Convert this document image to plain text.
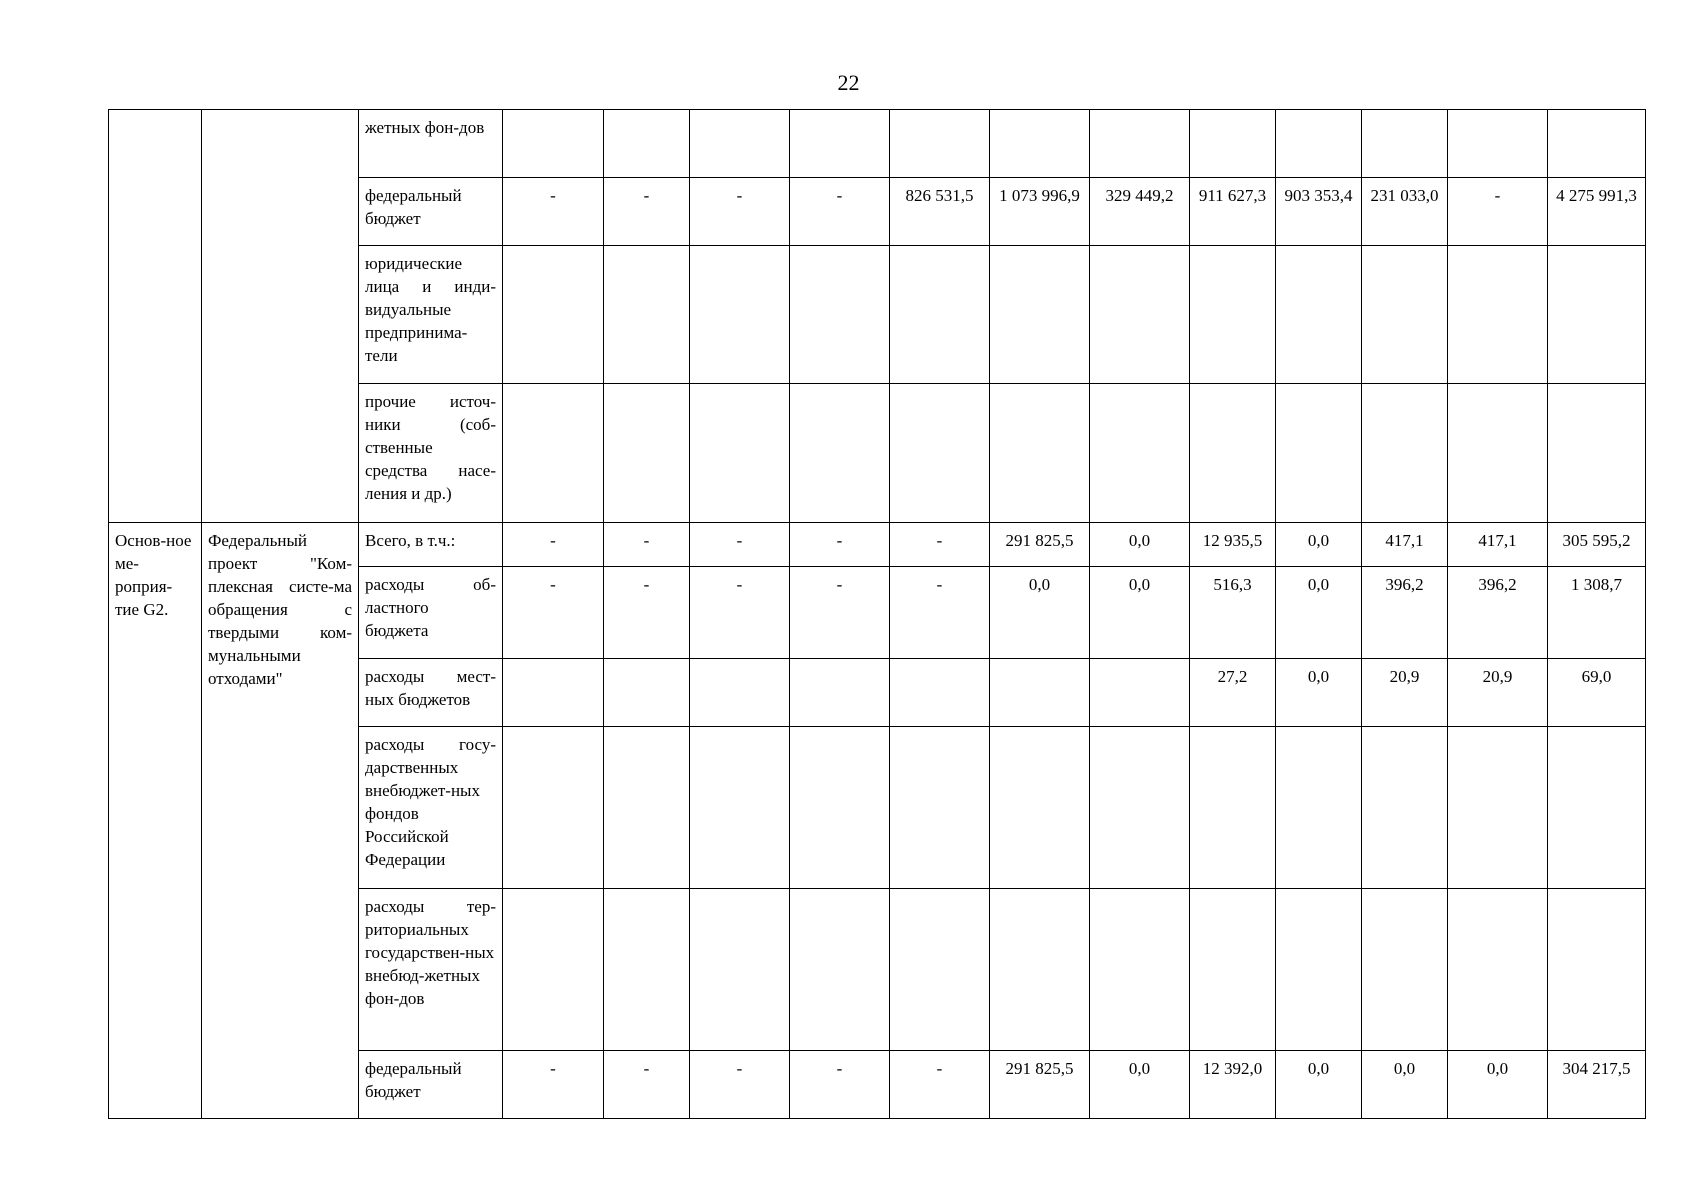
22
		жетных фон-дов												
		федеральный бюджет	-	-	-	-	826 531,5	1 073 996,9	329 449,2	911 627,3	903 353,4	231 033,0	-	4 275 991,3
		юридические лица и инди-видуальные предпринима-тели												
		прочие источ-ники (соб-ственные средства насе-ления и др.)												
Основ-ное ме-роприя-тие G2.	Федеральный проект "Ком-плексная систе-ма обращения с твердыми ком-мунальными отходами"	Всего, в т.ч.:	-	-	-	-	-	291 825,5	0,0	12 935,5	0,0	417,1	417,1	305 595,2
		расходы об-ластного бюджета	-	-	-	-	-	0,0	0,0	516,3	0,0	396,2	396,2	1 308,7
		расходы мест-ных бюджетов								27,2	0,0	20,9	20,9	69,0
		расходы госу-дарственных внебюджет-ных фондов Российской Федерации												
		расходы тер-риториальных государствен-ных внебюд-жетных фон-дов												
		федеральный бюджет	-	-	-	-	-	291 825,5	0,0	12 392,0	0,0	0,0	0,0	304 217,5
